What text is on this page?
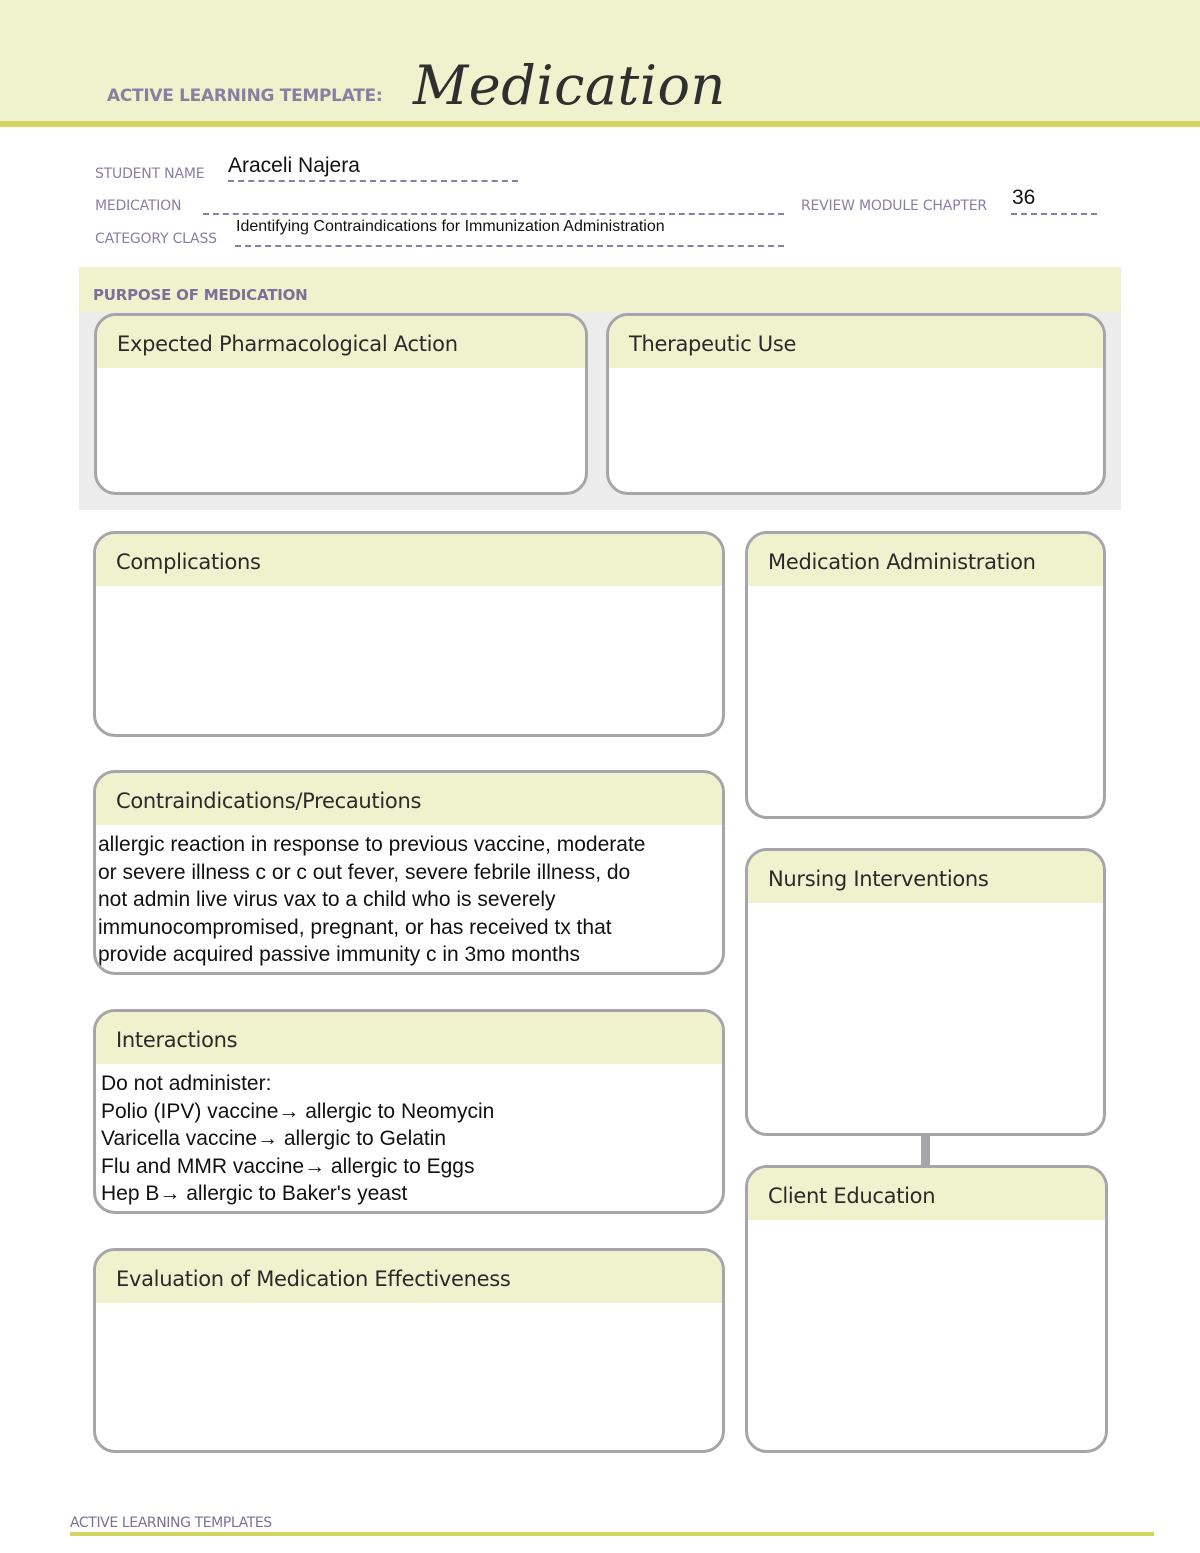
ACTIVE LEARNING TEMPLATE: Medication
STUDENT NAME Araceli Najera
MEDICATION	REVIEW MODULE CHAPTER 36
CATEGORY CLASS
Identifying Contraindications for Immunization Administration
PURPOSE OF MEDICATION
Expected Pharmacological Action	Therapeutic Use
Complications
Contraindications/Precautions
allergic reaction in response to previous vaccine, moderate
or severe illness c or c out fever, severe febrile illness, do
not admin live virus vax to a child who is severely
immunocompromised, pregnant, or has received tx that
provide acquired passive immunity c in 3mo months
Interactions
Do not administer:
Polio (IPV) vaccine→ allergic to Neomycin
Varicella vaccine→ allergic to Gelatin
Flu and MMR vaccine→ allergic to Eggs
Hep B→ allergic to Baker's yeast
Evaluation of Medication Effectiveness
Medication Administration
Nursing Interventions
Client Education
ACTIVE LEARNING TEMPLATES
